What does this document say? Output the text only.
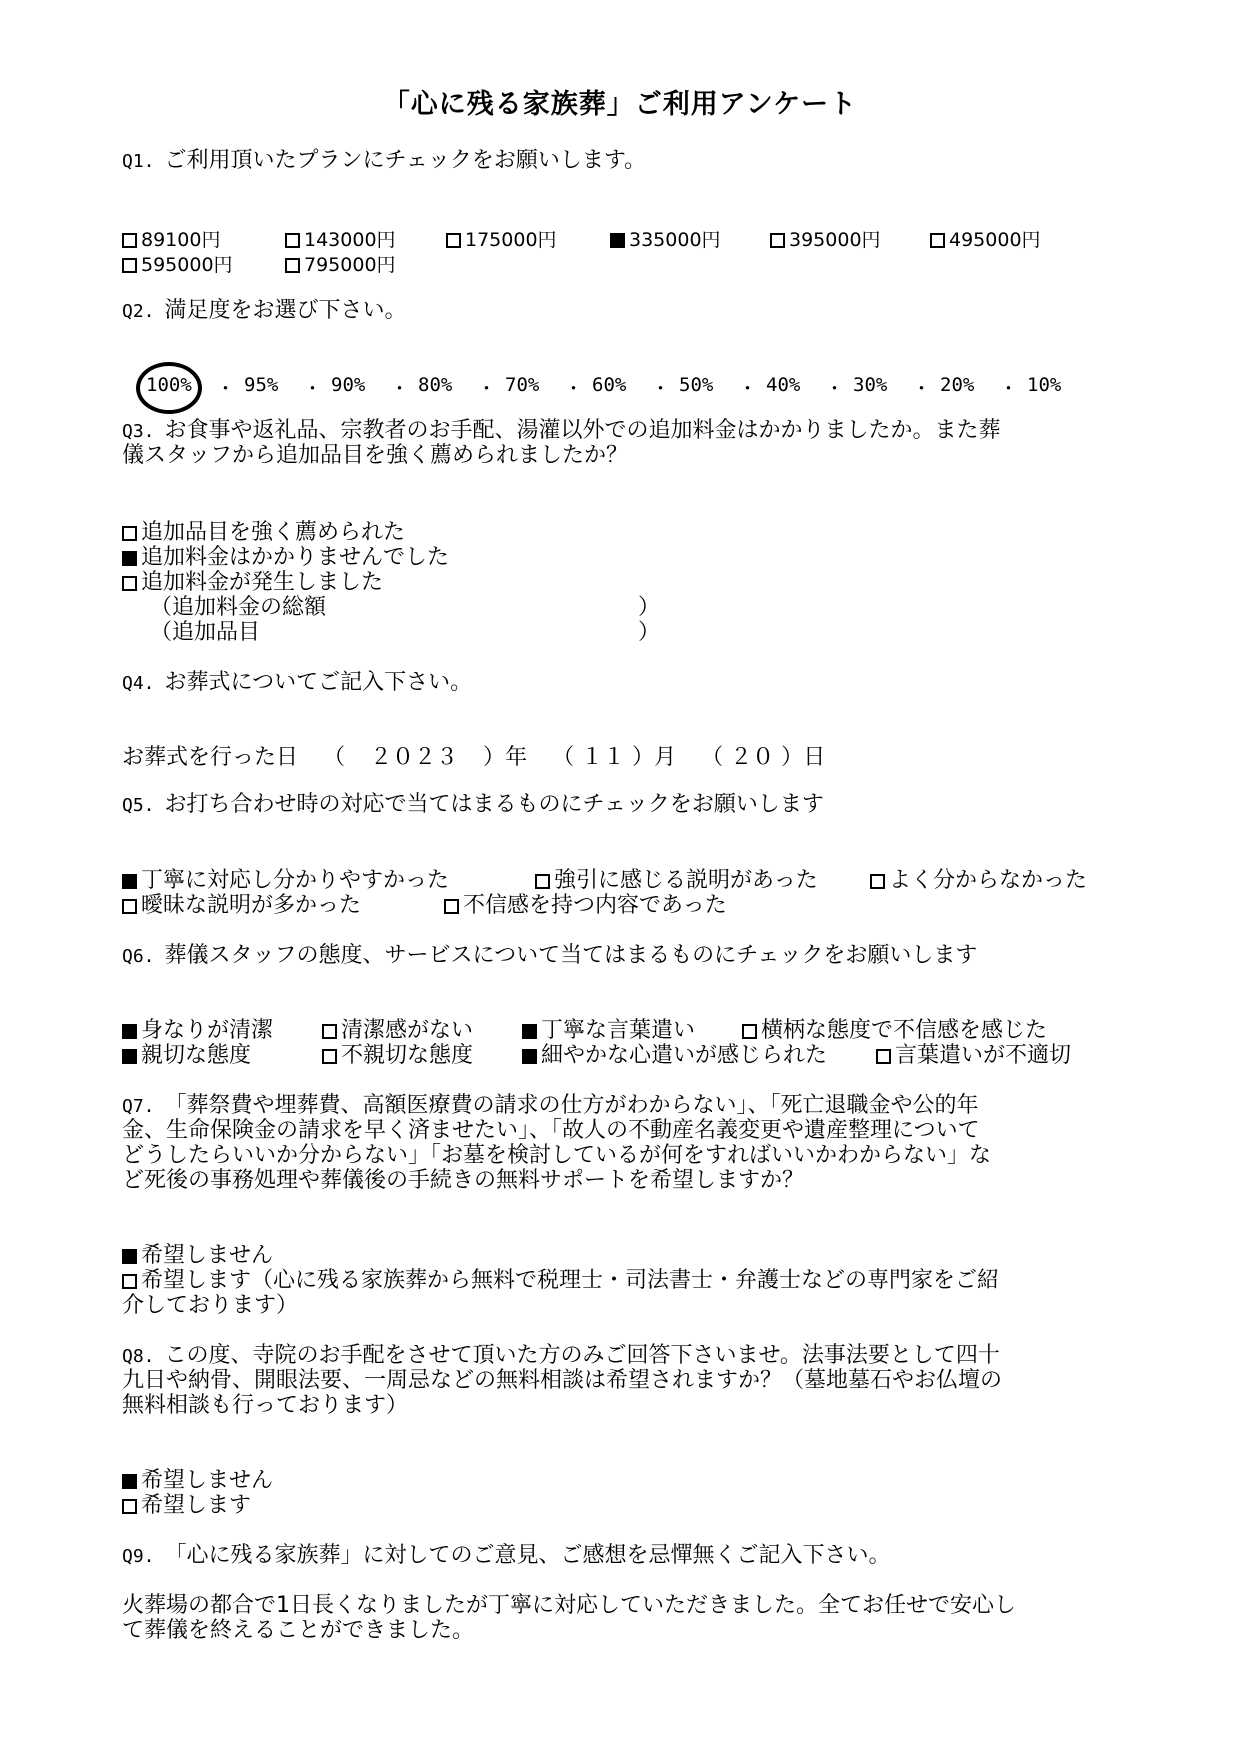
「心に残る家族葬」ご利用アンケート
Q1. ご利用頂いたプランにチェックをお願いします。
89100円	143000円	175000円	335000円	395000円	495000円
595000円	795000円
Q2. 満足度をお選び下さい。
100% ・ 95% ・ 90% ・ 80% ・ 70% ・ 60% ・ 50% ・ 40% ・ 30% ・ 20% ・ 10%
Q3. お食事や返礼品、宗教者のお手配、湯灌以外での追加料金はかかりましたか。また葬
儀スタッフから追加品目を強く薦められましたか？
追加品目を強く薦められた
追加料金はかかりませんでした
追加料金が発生しました
（追加料金の総額	）
（追加品目	）
Q4. お葬式についてご記入下さい。
お葬式を行った日 （ ２０２３ ）年 （ １１ ）月 （ ２０ ）日
Q5. お打ち合わせ時の対応で当てはまるものにチェックをお願いします
丁寧に対応し分かりやすかった	強引に感じる説明があった	よく分からなかった
曖昧な説明が多かった	不信感を持つ内容であった
Q6. 葬儀スタッフの態度、サービスについて当てはまるものにチェックをお願いします
身なりが清潔	清潔感がない	丁寧な言葉遣い	横柄な態度で不信感を感じた
親切な態度	不親切な態度	細やかな心遣いが感じられた	言葉遣いが不適切
Q7. 「葬祭費や埋葬費、高額医療費の請求の仕方がわからない」、「死亡退職金や公的年
金、生命保険金の請求を早く済ませたい」、「故人の不動産名義変更や遺産整理について
どうしたらいいか分からない」「お墓を検討しているが何をすればいいかわからない」な
ど死後の事務処理や葬儀後の手続きの無料サポートを希望しますか？
希望しません
希望します（心に残る家族葬から無料で税理士・司法書士・弁護士などの専門家をご紹
介しております）
Q8. この度、寺院のお手配をさせて頂いた方のみご回答下さいませ。法事法要として四十
九日や納骨、開眼法要、一周忌などの無料相談は希望されますか？（墓地墓石やお仏壇の
無料相談も行っております）
希望しません
希望します
Q9. 「心に残る家族葬」に対してのご意見、ご感想を忌憚無くご記入下さい。
火葬場の都合で1日長くなりましたが丁寧に対応していただきました。全てお任せで安心し
て葬儀を終えることができました。
